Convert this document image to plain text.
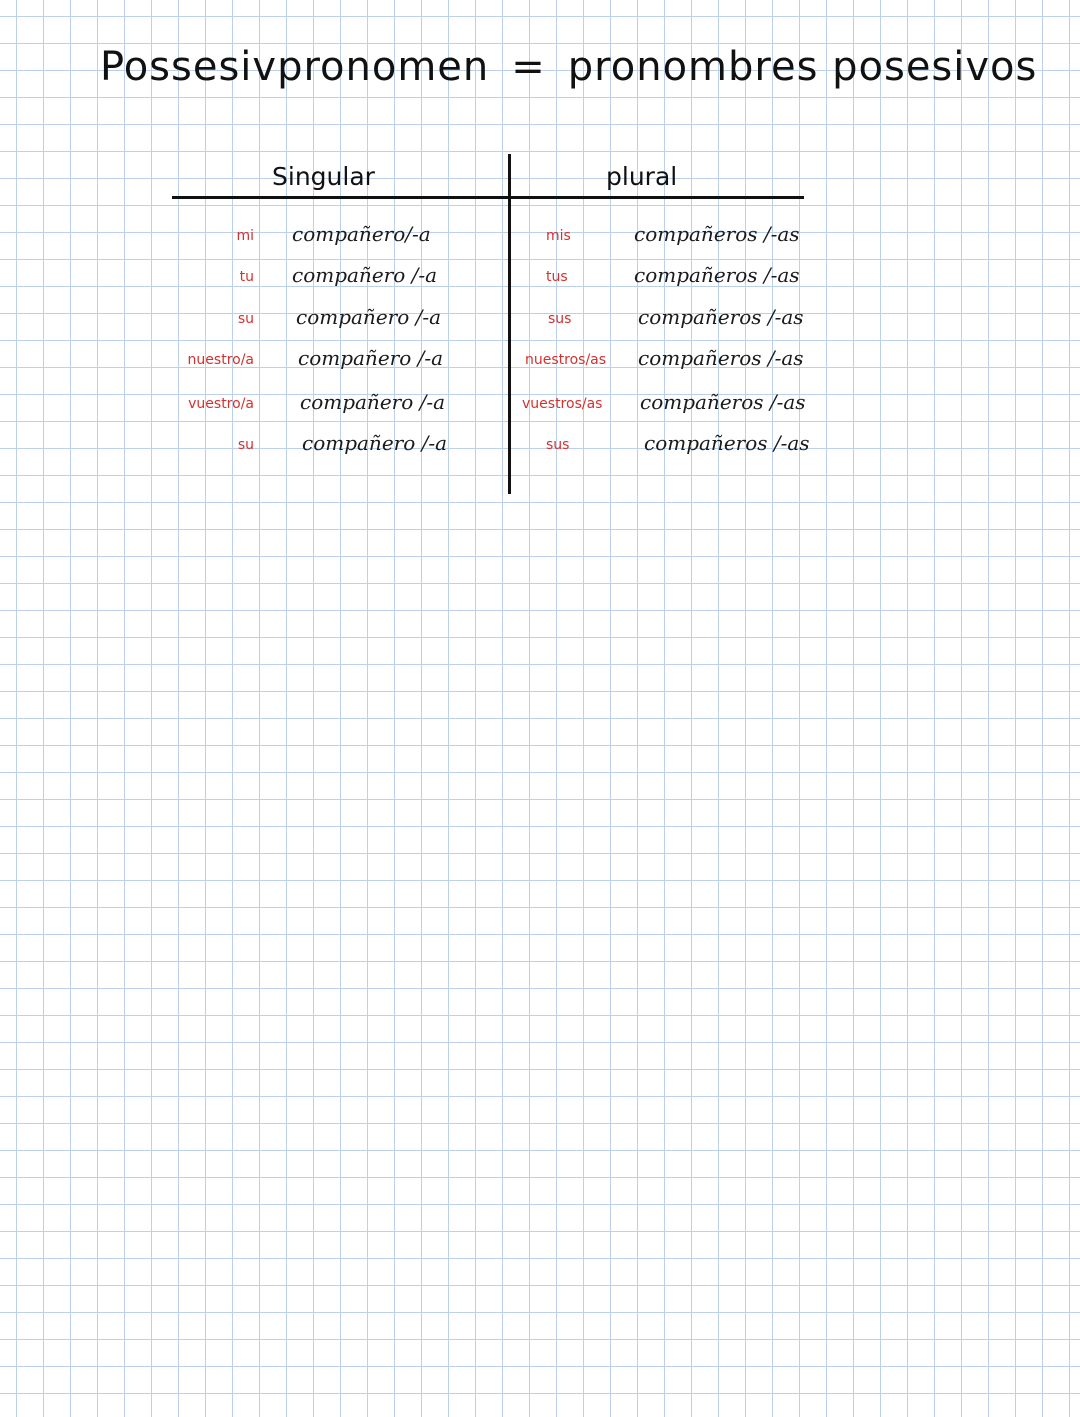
Possesivpronomen = pronombres posesivos
Singular	plural
mi compañero/-a	mis	compañeros /-as
tu compañero /-a	tus	compañeros /-as
su compañero /-a	sus	compañeros /-as
nuestro/a compañero /-a	nuestros/as compañeros /-as
vuestro/a compañero /-a	vuestros/as compañeros /-as
su compañero /-a	sus	compañeros /-as
